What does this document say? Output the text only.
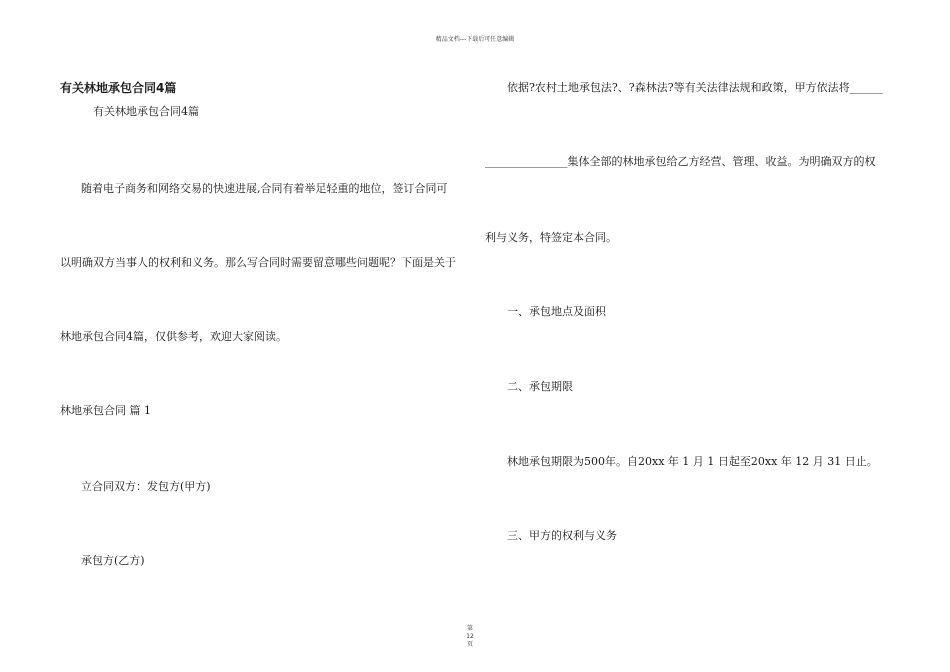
精品文档---下载后可任意编辑
有关林地承包合同4篇
有关林地承包合同4篇
随着电子商务和网络交易的快速进展,合同有着举足轻重的地位，签订合同可
以明确双方当事人的权利和义务。那么写合同时需要留意哪些问题呢？下面是关于
林地承包合同4篇，仅供参考，欢迎大家阅读。
林地承包合同 篇 1
立合同双方：发包方(甲方)
承包方(乙方)
依据?农村土地承包法?、?森林法?等有关法律法规和政策，甲方依法将______
_______________集体全部的林地承包给乙方经营、管理、收益。为明确双方的权
利与义务，特签定本合同。
一、承包地点及面积
二、承包期限
林地承包期限为500年。自20xx 年 1 月 1 日起至20xx 年 12 月 31 日止。
三、甲方的权利与义务
第
12
页
